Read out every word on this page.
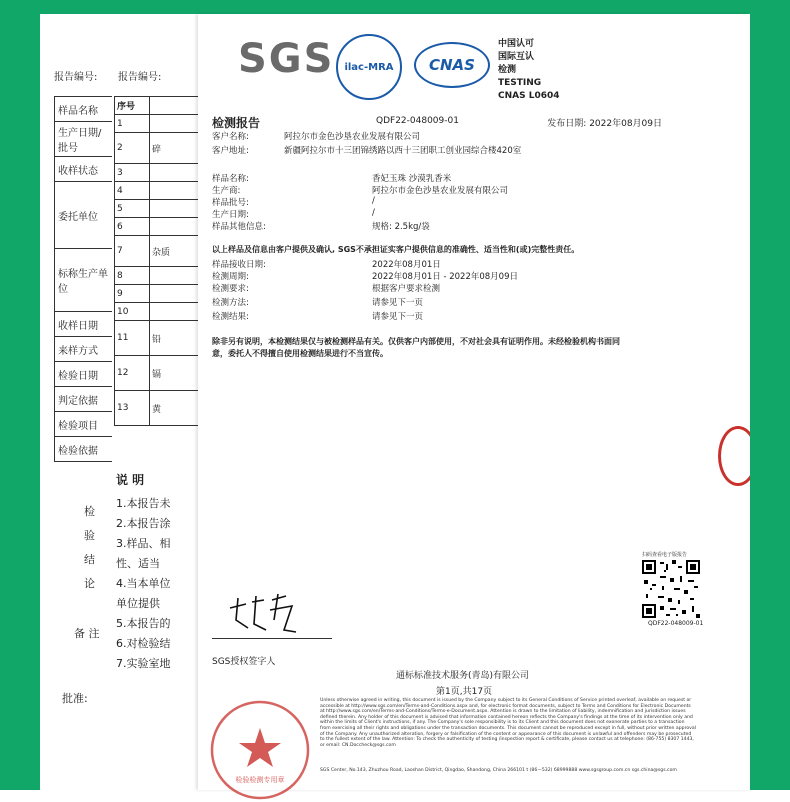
报告编号:
样品名称
生产日期/批号
收样状态
委托单位
标称生产单位
收样日期
来样方式
检验日期
判定依据
检验项目
检验依据
检
验
结
论
备 注
批准:
报告编号:
序号	
1	
2	碎
3	
4	
5	
6	
7	杂质
8	
9	
10	
11	铅
12	镉
13	黄
说 明
1.本报告未
2.本报告涂
3.样品、相
性、适当
4.当本单位
单位提供
5.本报告的
6.对检验结
7.实验室地
SGS	ilac-MRA	CNAS
中国认可
国际互认
检测
TESTING
CNAS L0604
检测报告	QDF22-048009-01	发布日期: 2022年08月09日
客户名称:	阿拉尔市金色沙垦农业发展有限公司
客户地址:	新疆阿拉尔市十三团锦绣路以西十三团职工创业园综合楼420室
样品名称:	香妃玉珠 沙漠乳香米
生产商:	阿拉尔市金色沙垦农业发展有限公司
样品批号:	/
生产日期:	/
样品其他信息:	规格: 2.5kg/袋
以上样品及信息由客户提供及确认, SGS不承担证实客户提供信息的准确性、适当性和(或)完整性责任。
样品接收日期:	2022年08月01日
检测周期:	2022年08月01日 - 2022年08月09日
检测要求:	根据客户要求检测
检测方法:	请参见下一页
检测结果:	请参见下一页
除非另有说明，本检测结果仅与被检测样品有关。仅供客户内部使用，不对社会具有证明作用。未经检验机构书面同
意，委托人不得擅自使用检测结果进行不当宣传。
SGS授权签字人
扫码查看电子版报告
QDF22-048009-01
通标标准技术服务(青岛)有限公司
第1页,共17页
检验检测专用章
Unless otherwise agreed in writing, this document is issued by the Company subject to its General Conditions of Service printed overleaf, available on request or accessible at http://www.sgs.com/en/Terms-and-Conditions.aspx and, for electronic format documents, subject to Terms and Conditions for Electronic Documents at http://www.sgs.com/en/Terms-and-Conditions/Terms-e-Document.aspx. Attention is drawn to the limitation of liability, indemnification and jurisdiction issues defined therein. Any holder of this document is advised that information contained hereon reflects the Company's findings at the time of its intervention only and within the limits of Client's instructions, if any. The Company's sole responsibility is to its Client and this document does not exonerate parties to a transaction from exercising all their rights and obligations under the transaction documents. This document cannot be reproduced except in full, without prior written approval of the Company. Any unauthorized alteration, forgery or falsification of the content or appearance of this document is unlawful and offenders may be prosecuted to the fullest extent of the law. Attention: To check the authenticity of testing /inspection report & certificate, please contact us at telephone: (86-755) 8307 1443, or email: CN.Doccheck@sgs.com
SGS Center, No.143, Zhuzhou Road, Laoshan District, Qingdao, Shandong, China 266101 t (86—532) 68999888 www.sgsgroup.com.cn sgs.china@sgs.com
